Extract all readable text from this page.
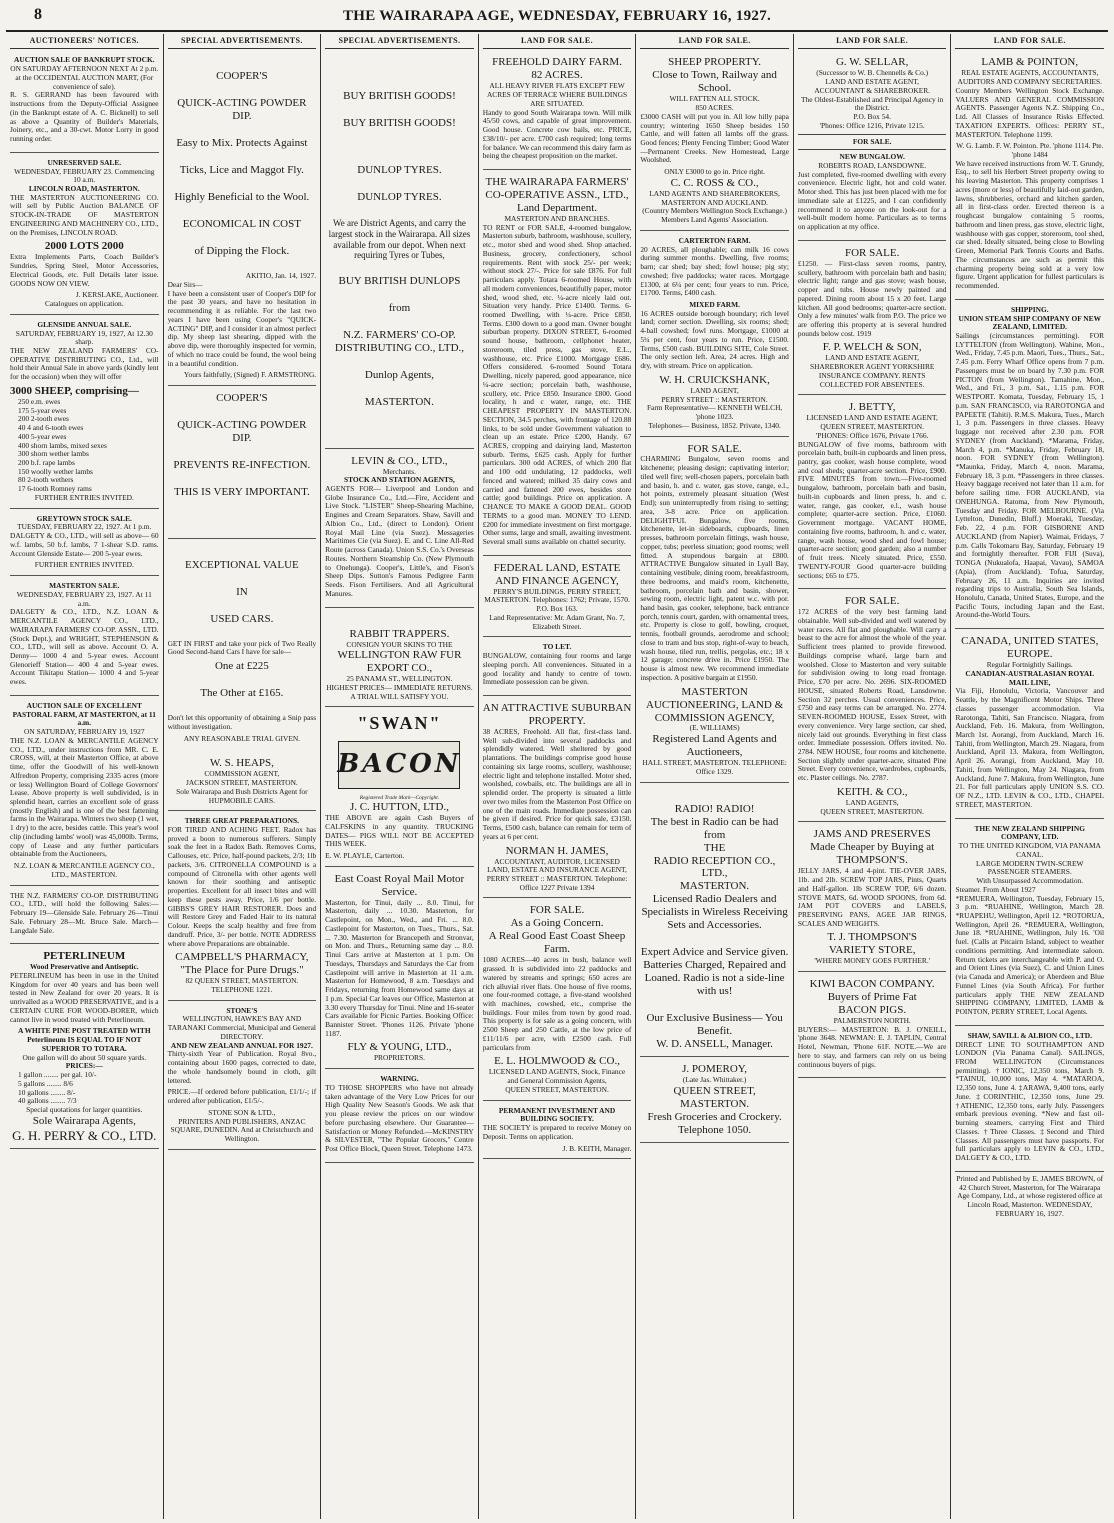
8	THE WAIRARAPA AGE, WEDNESDAY, FEBRUARY 16, 1927.
AUCTIONEERS' NOTICES.
AUCTION SALE OF BANKRUPT STOCK.
ON SATURDAY AFTERNOON NEXT At 2 p.m.
at the OCCIDENTAL AUCTION MART, (For convenience of sale).

R. S. GERRAND has been favoured with instructions from the Deputy-Official Assignee (in the Bankrupt estate of A. C. Bicknell) to sell as above a Quantity of Builder's Materials, Joinery, etc., and a 30-cwt. Motor Lorry in good running order.

UNRESERVED SALE.
WEDNESDAY, FEBRUARY 23. Commencing 10 a.m.
LINCOLN ROAD, MASTERTON.

THE MASTERTON AUCTIONEERING CO. will sell by Public Auction BALANCE OF STOCK-IN-TRADE OF MASTERTON ENGINEERING AND MACHINERY CO., LTD., on the Premises, LINCOLN ROAD.

2000 LOTS 2000

Extra Implements Parts, Coach Builder's Sundries, Spring Steel, Motor Accessories, Electrical Goods, etc. Full Details later issue. GOODS NOW ON VIEW.

J. KERSLAKE, Auctioneer.
Catalogues on application.
GLENSIDE ANNUAL SALE.
SATURDAY, FEBRUARY 19, 1927, At 12.30 sharp.

THE NEW ZEALAND FARMERS' CO-OPERATIVE DISTRIBUTING CO., Ltd., will hold their Annual Sale in above yards (kindly lent for the occasion) when they will offer

3000 SHEEP, comprising—
250 e.m. ewes
175 5-year ewes
200 2-tooth ewes
40 4 and 6-tooth ewes
400 5-year ewes
400 shorn lambs, mixed sexes
300 shorn wether lambs
200 b.f. rape lambs
150 woolly wether lambs
80 2-tooth wethers
17 6-tooth Romney rams
FURTHER ENTRIES INVITED.
GREYTOWN STOCK SALE.
TUESDAY, FEBRUARY 22, 1927. At 1 p.m.

DALGETY & CO., LTD., will sell as above— 60 w.f. lambs, 50 b.f. lambs, 7 1-shear S.D. rams. Account Glenside Estate— 200 5-year ewes.

FURTHER ENTRIES INVITED.
MASTERTON SALE.
WEDNESDAY, FEBRUARY 23, 1927. At 11 a.m.

DALGETY & CO., LTD., N.Z. LOAN & MERCANTILE AGENCY CO., LTD., WAIRARAPA FARMERS' CO-OP. ASSN., LTD. (Stock Dept.), and WRIGHT, STEPHENSON & CO., LTD., will sell as above. Account O. A. Denny— 1000 4 and 5-year ewes. Account Glenorieff Station— 400 4 and 5-year ewes. Account Tikitapu Station— 1000 4 and 5-year ewes.

AUCTION SALE OF EXCELLENT PASTORAL FARM, AT MASTERTON, at 11 a.m.
ON SATURDAY, FEBRUARY 19, 1927

THE N.Z. LOAN & MERCANTILE AGENCY CO., LTD., under instructions from MR. C. E. CROSS, will, at their Masterton Office, at above time, offer the Goodwill of his well-known Alfredton Property, comprising 2335 acres (more or less) Wellington Board of College Governors' Lease. Above property is well subdivided, is in splendid heart, carries an excellent sole of grass (mostly English) and is one of the best fattening farms in the Wairarapa. Winters two sheep (1 wet, 1 dry) to the acre, besides cattle. This year's wool clip (including lambs' wool) was 45,000lb. Terms, copy of Lease and any further particulars obtainable from the Auctioneers,

N.Z. LOAN & MERCANTILE AGENCY CO., LTD., MASTERTON.

THE N.Z. FARMERS' CO-OP. DISTRIBUTING CO., LTD., will hold the following Sales:— February 19—Glenside Sale. February 26—Tinui Sale. February 28—Mt. Bruce Sale. March—Langdale Sale.

PETERLINEUM
Wood Preservative and Antiseptic.

PETERLINEUM has been in use in the United Kingdom for over 40 years and has been well tested in New Zealand for over 20 years. It is unrivalled as a WOOD PRESERVATIVE, and is a CERTAIN CURE FOR WOOD-BORER, which cannot live in wood treated with Peterlineum.

A WHITE PINE POST TREATED WITH Peterlineum IS EQUAL TO IF NOT SUPERIOR TO TOTARA.
One gallon will do about 50 square yards.
PRICES:—
1 gallon ........ per gal. 10/-
5 gallons ........ 8/6
10 gallons ........ 8/-
40 gallons ........ 7/3
Special quotations for larger quantities.
Sole Wairarapa Agents,
G. H. PERRY & CO., LTD.
SPECIAL ADVERTISEMENTS.
COOPER'S
QUICK-ACTING POWDER DIP.
Easy to Mix. Protects Against
Ticks, Lice and Maggot Fly.
Highly Beneficial to the Wool.
ECONOMICAL IN COST
of Dipping the Flock.
AKITIO, Jan. 14, 1927.
Dear Sirs—

I have been a consistent user of Cooper's DIP for the past 30 years, and have no hesitation in recommending it as reliable. For the last two years I have been using Cooper's "QUICK-ACTING" DIP, and I consider it an almost perfect dip. My sheep last shearing, dipped with the above dip, were thoroughly inspected for vermin, of which no trace could be found, the wool being in a beautiful condition.

Yours faithfully, (Signed) F. ARMSTRONG.
COOPER'S
QUICK-ACTING POWDER DIP.
PREVENTS RE-INFECTION.
THIS IS VERY IMPORTANT.
EXCEPTIONAL VALUE
IN
USED CARS.

GET IN FIRST and take your pick of Two Really Good Second-hand Cars I have for sale—

One at £225
The Other at £165.

Don't let this opportunity of obtaining a Snip pass without investigation.

ANY REASONABLE TRIAL GIVEN.
W. S. HEAPS,
COMMISSION AGENT,
JACKSON STREET, MASTERTON.
Sole Wairarapa and Bush Districts Agent for HUPMOBILE CARS.
THREE GREAT PREPARATIONS.

FOR TIRED AND ACHING FEET. Radox has proved a boon to numerous sufferers. Simply soak the feet in a Radox Bath. Removes Corns, Callouses, etc. Price, half-pound packets, 2/3; 1lb packets, 3/6. CITRONELLA COMPOUND is a compound of Citronella with other agents well known for their soothing and antiseptic properties. Excellent for all insect bites and will keep these pests away. Price, 1/6 per bottle. GIBBS'S GREY HAIR RESTORER. Does and will Restore Grey and Faded Hair to its natural Colour. Keeps the scalp healthy and free from dandruff. Price, 3/- per bottle. NOTE ADDRESS where above Preparations are obtainable.

CAMPBELL'S PHARMACY,
"The Place for Pure Drugs."
82 QUEEN STREET, MASTERTON. TELEPHONE 1221.
STONE'S
WELLINGTON, HAWKE'S BAY AND TARANAKI Commercial, Municipal and General DIRECTORY.
AND NEW ZEALAND ANNUAL FOR 1927.

Thirty-sixth Year of Publication. Royal 8vo., containing about 1600 pages, corrected to date, the whole handsomely bound in cloth, gilt lettered.

PRICE.—If ordered before publication, £1/1/-; if ordered after publication, £1/5/-.

STONE SON & LTD.,
PRINTERS AND PUBLISHERS, ANZAC SQUARE, DUNEDIN. And at Christchurch and Wellington.
SPECIAL ADVERTISEMENTS.
BUY BRITISH GOODS!
BUY BRITISH GOODS!
DUNLOP TYRES.
DUNLOP TYRES.
We are District Agents, and carry the largest stock in the Wairarapa. All sizes available from our depot. When next requiring Tyres or Tubes,
BUY BRITISH DUNLOPS
from
N.Z. FARMERS' CO-OP. DISTRIBUTING CO., LTD.,
Dunlop Agents,
MASTERTON.
LEVIN & CO., LTD.,
Merchants.
STOCK AND STATION AGENTS,

AGENTS FOR— Liverpool and London and Globe Insurance Co., Ltd.—Fire, Accident and Live Stock. "LISTER" Sheep-Shearing Machine, Engines and Cream Separators. Shaw, Savill and Albion Co., Ltd., (direct to London). Orient Royal Mail Line (via Suez). Messageries Maritimes Cie (via Suez). E. and C. Line All-Red Route (across Canada). Union S.S. Co.'s Overseas Routes. Northern Steamship Co. (New Plymouth to Onehunga). Cooper's, Little's, and Fison's Sheep Dips. Sutton's Famous Pedigree Farm Seeds. Fison Fertilisers. And all Agricultural Manures.

RABBIT TRAPPERS.
CONSIGN YOUR SKINS TO THE
WELLINGTON RAW FUR EXPORT CO.,
25 PANAMA ST., WELLINGTON.
HIGHEST PRICES— IMMEDIATE RETURNS.
A TRIAL WILL SATISFY YOU.
"SWAN"
BACON
Registered Trade Mark—Copyright.
J. C. HUTTON, LTD.,

THE ABOVE are again Cash Buyers of CALFSKINS in any quantity. TRUCKING DATES— PIGS WILL NOT BE ACCEPTED THIS WEEK.

E. W. PLAYLE, Carterton.
East Coast Royal Mail Motor Service.

Masterton, for Tinui, daily ... 8.0. Tinui, for Masterton, daily ... 10.30. Masterton, for Castlepoint, on Mon., Wed., and Fri. ... 8.0. Castlepoint for Masterton, on Tues., Thurs., Sat. ... 7.30. Masterton for Brancepeth and Stronvar, on Mon. and Thurs., Returning same day ... 8.0. Tinui Cars arrive at Masterton at 1 p.m. On Tuesdays, Thursdays and Saturdays the Car from Castlepoint will arrive in Masterton at 11 a.m. Masterton for Homewood, 8 a.m. Tuesdays and Fridays, returning from Homewood same days at 1 p.m. Special Car leaves our Office, Masterton at 3.30 every Thursday for Tinui. Nine and 16-seater Cars available for Picnic Parties. Booking Office: Bannister Street. 'Phones 1126. Private 'phone 1187.

FLY & YOUNG, LTD.,
PROPRIETORS.
WARNING.

TO THOSE SHOPPERS who have not already taken advantage of the Very Low Prices for our High Quality New Season's Goods. We ask that you please review the prices on our window before purchasing elsewhere. Our Guarantee—Satisfaction or Money Refunded.—McKINSTRY & SILVESTER, "The Popular Grocers," Centre Post Office Block, Queen Street. Telephone 1473.

LAND FOR SALE.
FREEHOLD DAIRY FARM.
82 ACRES.
ALL HEAVY RIVER FLATS EXCEPT FEW ACRES OF TERRACE WHERE BUILDINGS ARE SITUATED.

Handy to good South Wairarapa town. Will milk 45/50 cows, and capable of great improvement. Good house. Concrete cow bails, etc. PRICE, £38/10/- per acre. £700 cash required; long terms for balance. We can recommend this dairy farm as being the cheapest proposition on the market.

THE WAIRARAPA FARMERS' CO-OPERATIVE ASSN., LTD.,
Land Department.
MASTERTON AND BRANCHES.

TO RENT or FOR SALE, 4-roomed bungalow, Masterton suburb, bathroom, washhouse, scullery, etc., motor shed and wood shed. Shop attached. Business, grocery, confectionery, school requirements. Rent with stock 25/- per week; without stock 27/-. Price for sale £876. For full particulars apply. Totara 6-roomed House, with all modern conveniences, beautifully paper, motor shed, wood shed, etc. ¼-acre nicely laid out. Situation very handy. Price £1400. Terms. 6-roomed Dwelling, with ¼-acre. Price £850. Terms. £300 down to a good man. Owner bought suburban property. DIXON STREET, 6-roomed sound house, bathroom, cellphonet heater, storeroom, tiled press, gas stove, E.L., washhouse, etc. Price £1000. Mortgage £686. Offers considered. 6-roomed Sound Totara Dwelling, nicely papered, good appearance, nice ¼-acre section; porcelain bath, washhouse, scullery, etc. Price £850. Insurance £800. Good locality, h and c water, range, etc. THE CHEAPEST PROPERTY IN MASTERTON. SECTION, 34.5 perches, with frontage of 120.88 links, to be sold under Government valuation to clean up an estate. Price £200, Handy. 67 ACRES, cropping and dairying land, Masterton suburb. Terms, £625 cash. Apply for further particulars. 300 odd ACRES, of which 200 flat and 100 odd undulating, 12 paddocks, well fenced and watered; milked 35 dairy cows and carried and fattened 200 ewes, besides store cattle; good buildings. Price on application. A CHANCE TO MAKE A GOOD DEAL. GOOD TERMS to a good man. MONEY TO LEND. £200 for immediate investment on first mortgage. Other sums, large and small, awaiting investment. Several small sums available on chattel security.

FEDERAL LAND, ESTATE AND FINANCE AGENCY,
PERRY'S BUILDINGS, PERRY STREET, MASTERTON. Telephones: 1762; Private, 1570. P.O. Box 163.
Land Representative: Mr. Adam Grant, No. 7, Elizabeth Street.
TO LET.

BUNGALOW, containing four rooms and large sleeping porch. All conveniences. Situated in a good locality and handy to centre of town. Immediate possession can be given.

AN ATTRACTIVE SUBURBAN PROPERTY.

38 ACRES, Freehold. All flat, first-class land. Well sub-divided into several paddocks and splendidly watered. Well sheltered by good plantations. The buildings comprise good house containing six large rooms, scullery, washhouse; electric light and telephone installed. Motor shed, woolshed, cowbails, etc. The buildings are all in splendid order. The property is situated a little over two miles from the Masterton Post Office on one of the main roads. Immediate possession can be given if desired. Price for quick sale, £3150. Terms, £500 cash, balance can remain for term of years at 6 per cent.

NORMAN H. JAMES,
ACCOUNTANT, AUDITOR, LICENSED LAND, ESTATE AND INSURANCE AGENT,
PERRY STREET :: MASTERTON. Telephone: Office 1227 Private 1394
FOR SALE.
As a Going Concern.
A Real Good East Coast Sheep Farm.

1080 ACRES—40 acres in bush, balance well grassed. It is subdivided into 22 paddocks and watered by streams and springs; 650 acres are rich alluvial river flats. One house of five rooms, one four-roomed cottage, a five-stand woolshed with machines, cowshed, etc., comprise the buildings. Four miles from town by good road. This property is for sale as a going concern, with 2500 Sheep and 250 Cattle, at the low price of £11/11/6 per acre, with £2500 cash. Full particulars from

E. L. HOLMWOOD & CO.,
LICENSED LAND AGENTS, Stock, Finance and General Commission Agents,
QUEEN STREET, MASTERTON.
PERMANENT INVESTMENT AND BUILDING SOCIETY.

THE SOCIETY is prepared to receive Money on Deposit. Terms on application.

J. B. KEITH, Manager.
LAND FOR SALE.
SHEEP PROPERTY.
Close to Town, Railway and School.
WILL FATTEN ALL STOCK.
850 ACRES.

£3000 CASH will put you in. All low hilly papa country; wintering 1650 Sheep besides 150 Cattle, and will fatten all lambs off the grass. Good fences; Plenty Fencing Timber; Good Water—Permanent Creeks. New Homestead, Large Woolshed.

ONLY £3000 to go in. Price right.
C. C. ROSS & CO.,
LAND AGENTS AND SHAREBROKERS,
MASTERTON AND AUCKLAND.
(Country Members Wellington Stock Exchange.)
Members Land Agents' Association.
CARTERTON FARM.

20 ACRES, all ploughable; can milk 16 cows during summer months. Dwelling, five rooms; barn; car shed; bay shed; fowl house; pig sty; cowshed; five paddocks; water races. Mortgage £1300, at 6¼ per cent; four years to run. Price, £1700. Terms, £400 cash.

MIXED FARM.

16 ACRES outside borough boundary; rich level land; corner section. Dwelling, six rooms; shed; 4-ball cowshed; fowl runs. Mortgage, £1000 at 5¼ per cent, four years to run. Price, £1500. Terms, £500 cash. BUILDING SITE, Cole Street. The only section left. Area, 24 acres. High and dry, with stream. Price on application.

W. H. CRUICKSHANK,
LAND AGENT,
PERRY STREET :: MASTERTON.
Farm Representative— KENNETH WELCH, 'phone 1023.
Telephones— Business, 1852. Private, 1340.
FOR SALE.

CHARMING Bungalow, seven rooms and kitchenette; pleasing design; captivating interior; tiled well fire; well-chosen papers, porcelain bath and basin, h. and c. water, gas stove, range, e.l., hot points, extremely pleasant situation (West End); sun uninterruptedly from rising to setting; area, 3-8 acre. Price on application. DELIGHTFUL Bungalow, five rooms, kitchenette, let-in sideboards, cupboards, linen presses, bathroom porcelain fittings, wash house, copper, tubs; peerless situation; good rooms; well fitted. A stupendous bargain at £800. ATTRACTIVE Bungalow situated in Lyall Bay, containing vestibule, dining room, breakfastroom, three bedrooms, and maid's room, kitchenette, bathroom, porcelain bath and basin, shower, sewing room, electric light, patent w.c. with por. hand basin, gas cooker, telephone, back entrance porch, tennis court, garden, with ornamental trees, etc. Property is close to golf, bowling, croquet, tennis, football grounds, aerodrome and school; close to tram and bus stop, right-of-way to beach, wash house, tiled run, trellis, pergolas, etc.; 18 x 12 garage; concrete drive in. Price £1950. The house is almost new. We recommend immediate inspection. A positive bargain at £1950.

MASTERTON AUCTIONEERING, LAND & COMMISSION AGENCY,
(E. WILLIAMS)
Registered Land Agents and Auctioneers,
HALL STREET, MASTERTON. TELEPHONE: Office 1329.
RADIO! RADIO!
The best in Radio can be had from
THE
RADIO RECEPTION CO., LTD.,
MASTERTON.
Licensed Radio Dealers and Specialists in Wireless Receiving Sets and Accessories.
Expert Advice and Service given. Batteries Charged, Repaired and Loaned. Radio is not a side-line with us!
Our Exclusive Business— You Benefit.
W. D. ANSELL, Manager.
J. POMEROY,
(Late Jas. Whittaker.)
QUEEN STREET, MASTERTON.
Fresh Groceries and Crockery.
Telephone 1050.
LAND FOR SALE.
G. W. SELLAR,
(Successor to W. B. Chennells & Co.)
LAND AND ESTATE AGENT,
ACCOUNTANT & SHAREBROKER.
The Oldest-Established and Principal Agency in the District.
P.O. Box 54.
'Phones: Office 1216, Private 1215.
FOR SALE.
NEW BUNGALOW.
ROBERTS ROAD, LANSDOWNE.

Just completed, five-roomed dwelling with every convenience. Electric light, hot and cold water. Motor shed. This has just been placed with me for immediate sale at £1225, and I can confidently recommend it to anyone on the look-out for a well-built modern home. Particulars as to terms on application at my office.

FOR SALE.

£1250. — First-class seven rooms, pantry, scullery, bathroom with porcelain bath and basin; electric light; range and gas stove; wash house, copper and tubs. House newly painted and papered. Dining room about 15 x 20 feet. Large kitchen. All good bedrooms; quarter-acre section. Only a few minutes' walk from P.O. The price we are offering this property at is several hundred pounds below cost. 1919

F. P. WELCH & SON,
LAND AND ESTATE AGENT, SHAREBROKER AGENT YORKSHIRE INSURANCE COMPANY. RENTS COLLECTED FOR ABSENTEES.
J. BETTY,
LICENSED LAND AND ESTATE AGENT,
QUEEN STREET, MASTERTON.
'PHONES: Office 1676, Private 1766.

BUNGALOW of five rooms, bathroom with porcelain bath, built-in cupboards and linen press, pantry, gas cooker, wash house complete, wood and coal sheds; quarter-acre section. Price, £900. FIVE MINUTES from town.—Five-roomed bungalow, bathroom, porcelain bath and basin, built-in cupboards and linen press, h. and c. water, range, gas cooker, e.l., wash house complete; quarter-acre section. Price, £1060. Government mortgage. VACANT HOME, containing five rooms, bathroom, h. and c. water, range, wash house, wood shed and fowl house; quarter-acre section; good garden; also a number of fruit trees. Nicely situated. Price, £550. TWENTY-FOUR Good quarter-acre building sections; £65 to £75.

FOR SALE.

172 ACRES of the very best farming land obtainable. Well sub-divided and well watered by water races. All flat and ploughable. Will carry a beast to the acre for almost the whole of the year. Sufficient trees planted to provide firewood. Buildings comprise wharé, large barn and woolshed. Close to Masterton and very suitable for subdivision owing to long road frontage. Price, £70 per acre. No. 2696. SIX-ROOMED HOUSE, situated Roberts Road, Lansdowne. Section 32 perches. Usual conveniences. Price, £750 and easy terms can be arranged. No. 2774. SEVEN-ROOMED HOUSE, Essex Street, with every convenience. Very large section, car shed, nicely laid out grounds. Everything in first class order. Immediate possession. Offers invited. No. 2784. NEW HOUSE, four rooms and kitchenette. Section slightly under quarter-acre, situated Pine Street. Every convenience, wardrobes, cupboards, etc. Plaster ceilings. No. 2787.

KEITH. & CO.,
LAND AGENTS,
QUEEN STREET, MASTERTON.
JAMS AND PRESERVES
Made Cheaper by Buying at THOMPSON'S.

JELLY JARS, 4 and 4-pint. TIE-OVER JARS, 1lb. and 2lb. SCREW TOP JARS, Pints, Quarts and Half-gallon. 1lb SCREW TOP, 6/6 dozen. STOVE MATS, 6d. WOOD SPOONS, from 6d. JAM POT COVERS and LABELS, PRESERVING PANS, AGEE JAR RINGS, SCALES AND WEIGHTS.

T. J. THOMPSON'S
VARIETY STORE,
'WHERE MONEY GOES FURTHER.'
KIWI BACON COMPANY.
Buyers of Prime Fat
BACON PIGS.
PALMERSTON NORTH.

BUYERS:— MASTERTON: B. J. O'NEILL, 'phone 3648. NEWMAN: E. J. TAPLIN, Central Hotel, Newman, 'Phone 61F. NOTE.—We are here to stay, and farmers can rely on us being continuous buyers of pigs.

LAND FOR SALE.
LAMB & POINTON,
REAL ESTATE AGENTS, ACCOUNTANTS, AUDITORS AND COMPANY SECRETARIES.

Country Members Wellington Stock Exchange. VALUERS AND GENERAL COMMISSION AGENTS. Passenger Agents N.Z. Shipping Co., Ltd. All Classes of Insurance Risks Effected. TAXATION EXPERTS. Offices: PERRY ST., MASTERTON. Telephone 1199.

W. G. Lamb. F. W. Pointon. Pte. 'phone 1114. Pte. 'phone 1484

We have received instructions from W. T. Grundy, Esq., to sell his Herbert Street property owing to his leaving Masterton. This property comprises 1 acres (more or less) of beautifully laid-out garden, lawns, shrubberies, orchard and kitchen garden, all in first-class order. Erected thereon is a roughcast bungalow containing 5 rooms, bathroom and linen press, gas stove, electric light, washhouse with gas copper, storeroom, tool shed, car shed. Ideally situated, being close to Bowling Green, Memorial Park Tennis Courts and Baths. The circumstances are such as permit this charming property being sold at a very low figure. Urgent application for fullest particulars is recommended.

SHIPPING.
UNION STEAM SHIP COMPANY OF NEW ZEALAND, LIMITED.

Sailings (circumstances permitting). FOR LYTTELTON (from Wellington). Wahine, Mon., Wed., Friday, 7.45 p.m. Maori, Tues., Thurs., Sat., 7.45 p.m. Ferry Wharf Office opens from 7 p.m. Passengers must be on board by 7.30 p.m. FOR PICTON (from Wellington). Tamahine, Mon., Wed., and Fri., 3 p.m. Sat., 1.15 p.m. FOR WESTPORT. Komata, Tuesday, February 15, 1 p.m. SAN FRANCISCO, via RAROTONGA and PAPEETE (Tahiti). R.M.S. Makura, Tues., March 1, 3 p.m. Passengers in three classes. Heavy luggage not received after 2.30 p.m. FOR SYDNEY (from Auckland). *Marama, Friday, March 4, p.m. *Manuka, Friday, February 18, noon. FOR SYDNEY (from Wellington). *Maunka, Friday, March 4, noon. Marama, February 18, 3 p.m. *Passengers in three classes. Heavy baggage received not later than 11 a.m. for before sailing time. FOR AUCKLAND, via ONEHUNGA. Ratoma, from New Plymouth, Tuesday and Friday. FOR MELBOURNE. (Via Lyttelton, Dunedin, Bluff.) Moeraki, Tuesday, Feb. 22, 4 p.m. FOR GISBORNE AND AUCKLAND (from Napier). Waimai, Fridays, 7 p.m. Calls Tokomaru Bay, Saturday, February 19 and fortnightly thereafter. FOR FIJI (Suva), TONGA (Nukualofa, Haapai, Vavau), SAMOA (Apia), (from Auckland). Tofua, Saturday, February 26, 11 a.m. Inquiries are invited regarding trips to Australia, South Sea Islands, Honolulu, Canada, United States, Europe, and the Pacific Tours, including Japan and the East, Around-the-World Tours.

CANADA, UNITED STATES, EUROPE.
Regular Fortnightly Sailings.
CANADIAN-AUSTRALASIAN ROYAL MAIL LINE,

Via Fiji, Honolulu, Victoria, Vancouver and Seattle, by the Magnificent Motor Ships. Three classes passenger accommodation. Via Rarotonga, Tahiti, San Francisco. Niagara, from Auckland, Feb. 16. Makura, from Wellington, March 1st. Aorangi, from Auckland, March 16. Tahiti, from Wellington, March 29. Niagara, from Auckland, April 13. Makura, from Wellington, April 26. Aorangi, from Auckland, May 10. Tahiti, from Wellington, May 24. Niagara, from Auckland, June 7. Makura, from Wellington, June 21. For full particulars apply UNION S.S. CO. OF N.Z., LTD. LEVIN & CO., LTD., CHAPEL STREET, MASTERTON.

THE NEW ZEALAND SHIPPING COMPANY, LTD.
TO THE UNITED KINGDOM, VIA PANAMA CANAL.
LARGE MODERN TWIN-SCREW PASSENGER STEAMERS.
With Unsurpassed Accommodation.
Steamer. From About 1927

*REMUERA, Wellington, Tuesday, February 15, 3 p.m. *RUAHINE, Wellington, March 28. *RUAPEHU, Wellington, April 12. *ROTORUA, Wellington, April 26. *REMUERA, Wellington, June 18. *RUAHINE, Wellington, July 16. 'Oil fuel. (Calls at Pitcairn Island, subject to weather conditions permitting. And intermediate saloon. Return tickets are interchangeable with P. and O. and Orient Lines (via Suez), C. and Union Lines (via Canada and America); or Aberdeen and Blue Funnel Lines (via South Africa). For further particulars apply THE NEW ZEALAND SHIPPING COMPANY, LIMITED, LAMB & POINTON, PERRY STREET, Local Agents.

SHAW, SAVILL & ALBION CO., LTD.

DIRECT LINE TO SOUTHAMPTON AND LONDON (Via Panama Canal). SAILINGS, FROM WELLINGTON (Circumstances permitting). †IONIC, 12,350 tons, March 9. *TAINUI, 10,000 tons, May 4. *MATAROA, 12,350 tons, June 4. ‡ARAWA, 9,400 tons, early June. ‡CORINTHIC, 12,350 tons, June 29. †ATHENIC, 12,350 tons, early July. Passengers embark previous evening. *New and fast oil-burning steamers, carrying First and Third Classes. †Three Classes. ‡Second and Third Classes. All passengers must have passports. For full particulars apply to LEVIN & CO., LTD., DALGETY & CO., LTD.

Printed and Published by E. JAMES BROWN, of 42 Church Street, Masterton, for The Wairarapa Age Company, Ltd., at whose registered office at Lincoln Road, Masterton. WEDNESDAY, FEBRUARY 16, 1927.
